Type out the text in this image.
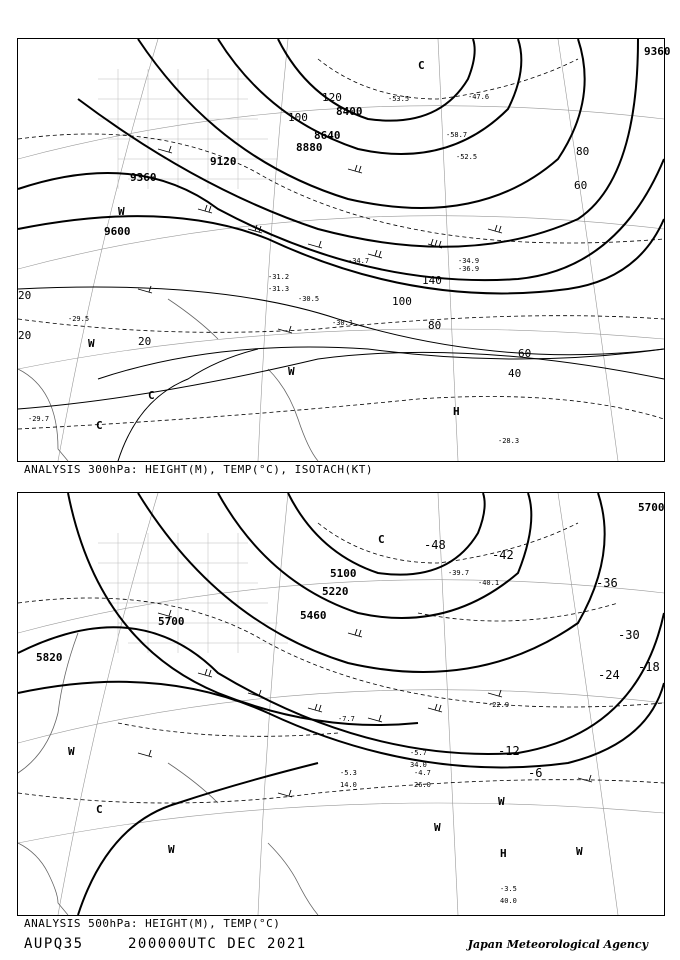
9360
9600
9120
8640
8400
8880
9360
120
140
100
80
60
40
20
20
20
100
80
60
-28.3
-30.1
-31.2
-31.3
-30.5
-34.7	-34.9
-36.9
-53.5
-58.7
-52.5
-47.6
-29.5
-29.7
H
C
C
W
W
W
C
ANALYSIS 300hPa: HEIGHT(M), TEMP(°C), ISOTACH(KT)
5700
5820
5100
5220
5460
5700
-48
-42
-36
-30
-24
-18
-12
-6
-3.5
40.0
-4.7
26.0
-5.7
34.0
-5.3
14.0
-7.7
-22.9
-39.7
-40.1
H
W
W
W
W
C
C
W
ANALYSIS 500hPa: HEIGHT(M), TEMP(°C)
AUPQ35	200000UTC DEC 2021	Japan Meteorological Agency
